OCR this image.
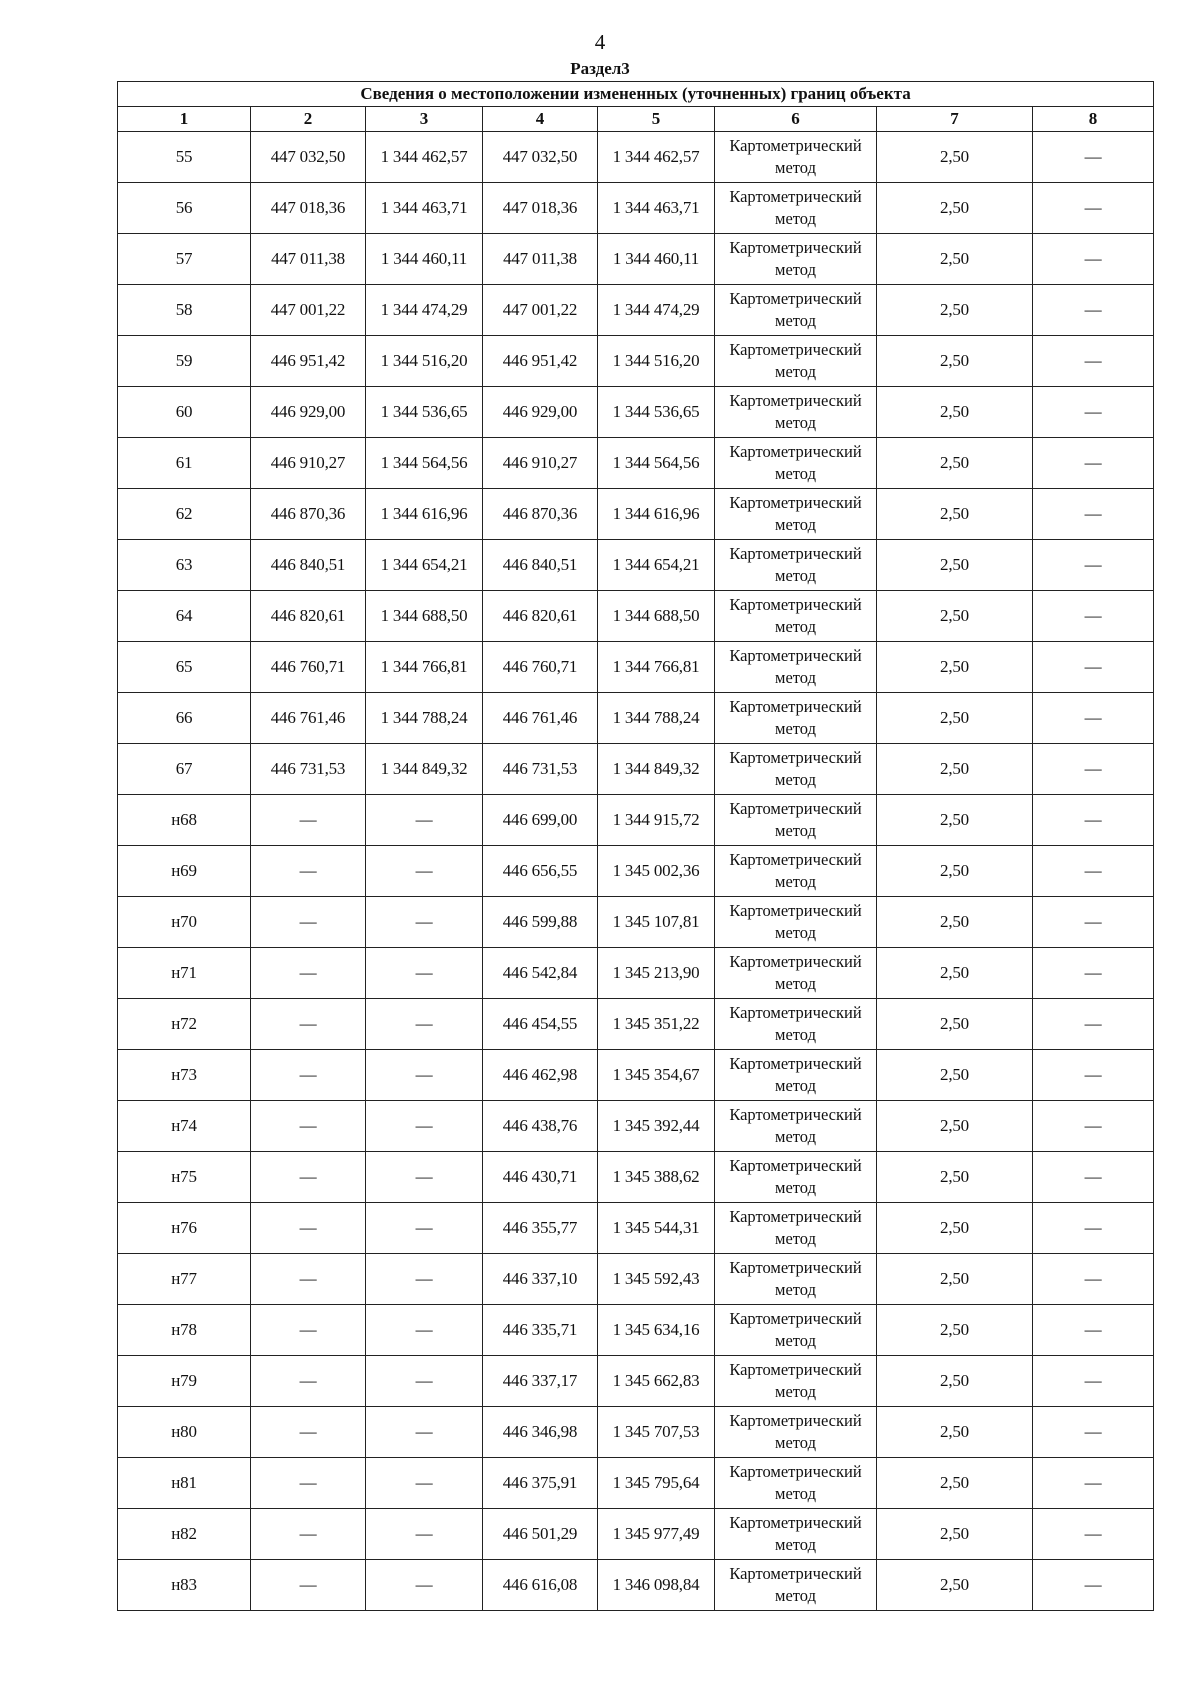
4
Раздел3
Сведения о местоположении измененных (уточненных) границ объекта							
1	2	3	4	5	6	7	8
55	447 032,50	1 344 462,57	447 032,50	1 344 462,57	Картометрический метод	2,50	—
56	447 018,36	1 344 463,71	447 018,36	1 344 463,71	Картометрический метод	2,50	—
57	447 011,38	1 344 460,11	447 011,38	1 344 460,11	Картометрический метод	2,50	—
58	447 001,22	1 344 474,29	447 001,22	1 344 474,29	Картометрический метод	2,50	—
59	446 951,42	1 344 516,20	446 951,42	1 344 516,20	Картометрический метод	2,50	—
60	446 929,00	1 344 536,65	446 929,00	1 344 536,65	Картометрический метод	2,50	—
61	446 910,27	1 344 564,56	446 910,27	1 344 564,56	Картометрический метод	2,50	—
62	446 870,36	1 344 616,96	446 870,36	1 344 616,96	Картометрический метод	2,50	—
63	446 840,51	1 344 654,21	446 840,51	1 344 654,21	Картометрический метод	2,50	—
64	446 820,61	1 344 688,50	446 820,61	1 344 688,50	Картометрический метод	2,50	—
65	446 760,71	1 344 766,81	446 760,71	1 344 766,81	Картометрический метод	2,50	—
66	446 761,46	1 344 788,24	446 761,46	1 344 788,24	Картометрический метод	2,50	—
67	446 731,53	1 344 849,32	446 731,53	1 344 849,32	Картометрический метод	2,50	—
н68	—	—	446 699,00	1 344 915,72	Картометрический метод	2,50	—
н69	—	—	446 656,55	1 345 002,36	Картометрический метод	2,50	—
н70	—	—	446 599,88	1 345 107,81	Картометрический метод	2,50	—
н71	—	—	446 542,84	1 345 213,90	Картометрический метод	2,50	—
н72	—	—	446 454,55	1 345 351,22	Картометрический метод	2,50	—
н73	—	—	446 462,98	1 345 354,67	Картометрический метод	2,50	—
н74	—	—	446 438,76	1 345 392,44	Картометрический метод	2,50	—
н75	—	—	446 430,71	1 345 388,62	Картометрический метод	2,50	—
н76	—	—	446 355,77	1 345 544,31	Картометрический метод	2,50	—
н77	—	—	446 337,10	1 345 592,43	Картометрический метод	2,50	—
н78	—	—	446 335,71	1 345 634,16	Картометрический метод	2,50	—
н79	—	—	446 337,17	1 345 662,83	Картометрический метод	2,50	—
н80	—	—	446 346,98	1 345 707,53	Картометрический метод	2,50	—
н81	—	—	446 375,91	1 345 795,64	Картометрический метод	2,50	—
н82	—	—	446 501,29	1 345 977,49	Картометрический метод	2,50	—
н83	—	—	446 616,08	1 346 098,84	Картометрический метод	2,50	—
